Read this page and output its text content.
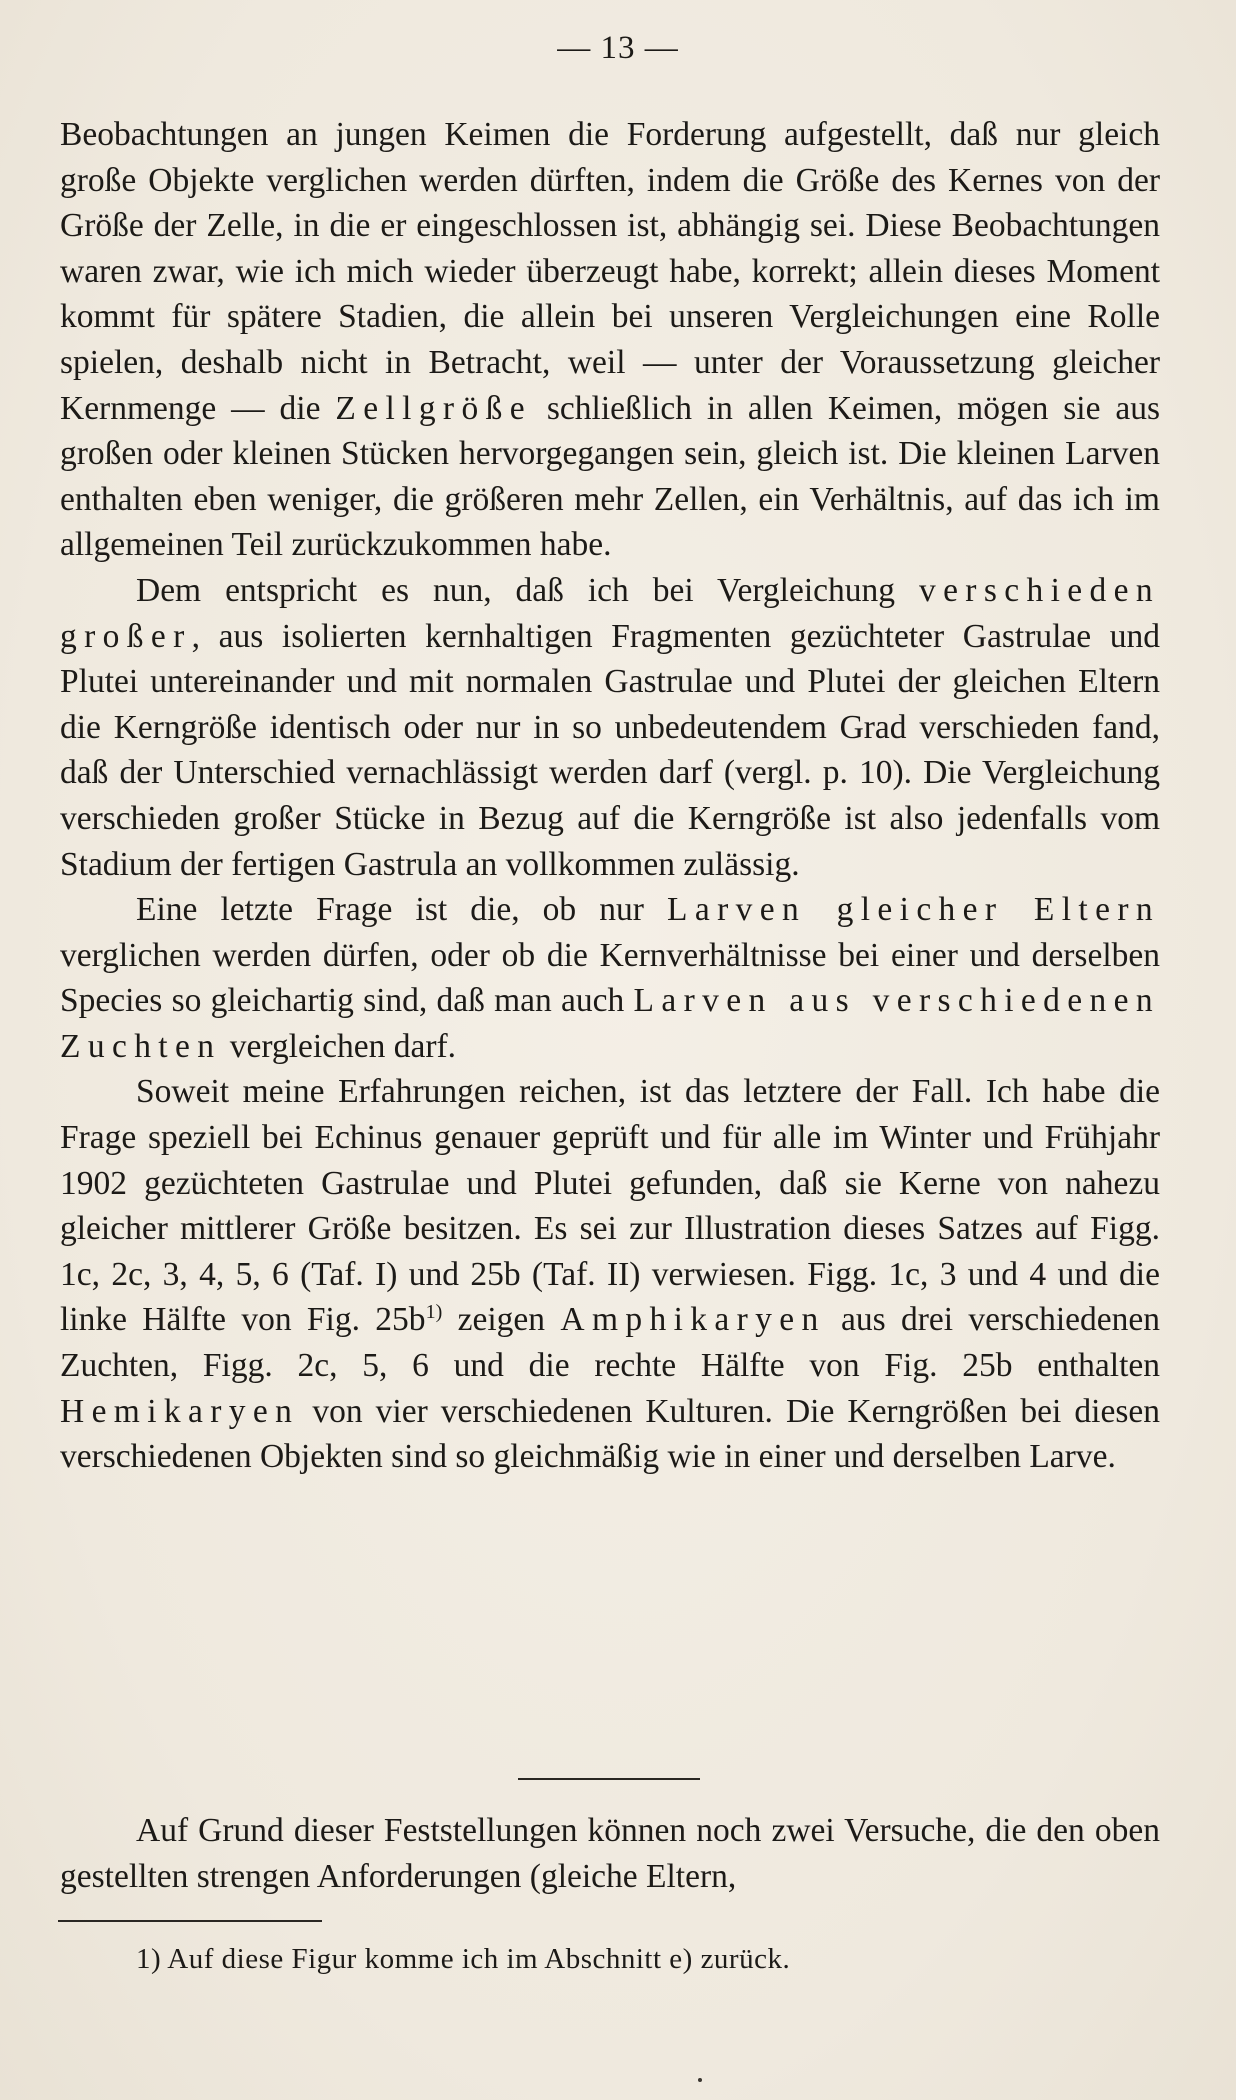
— 13 —

Beobachtungen an jungen Keimen die Forderung aufgestellt, daß nur gleich große Objekte verglichen werden dürften, indem die Größe des Kernes von der Größe der Zelle, in die er eingeschlossen ist, abhängig sei. Diese Beobachtungen waren zwar, wie ich mich wieder überzeugt habe, korrekt; allein dieses Moment kommt für spätere Stadien, die allein bei unseren Vergleichungen eine Rolle spielen, deshalb nicht in Betracht, weil — unter der Voraussetzung gleicher Kernmenge — die Zellgröße schließlich in allen Keimen, mögen sie aus großen oder kleinen Stücken hervorgegangen sein, gleich ist. Die kleinen Larven enthalten eben weniger, die größeren mehr Zellen, ein Verhältnis, auf das ich im allgemeinen Teil zurückzukommen habe.

Dem entspricht es nun, daß ich bei Vergleichung verschieden großer, aus isolierten kernhaltigen Fragmenten gezüchteter Gastrulae und Plutei untereinander und mit normalen Gastrulae und Plutei der gleichen Eltern die Kerngröße identisch oder nur in so unbedeutendem Grad verschieden fand, daß der Unterschied vernachlässigt werden darf (vergl. p. 10). Die Vergleichung verschieden großer Stücke in Bezug auf die Kerngröße ist also jedenfalls vom Stadium der fertigen Gastrula an vollkommen zulässig.

Eine letzte Frage ist die, ob nur Larven gleicher Eltern verglichen werden dürfen, oder ob die Kernverhältnisse bei einer und derselben Species so gleichartig sind, daß man auch Larven aus verschiedenen Zuchten vergleichen darf.

Soweit meine Erfahrungen reichen, ist das letztere der Fall. Ich habe die Frage speziell bei Echinus genauer geprüft und für alle im Winter und Frühjahr 1902 gezüchteten Gastrulae und Plutei gefunden, daß sie Kerne von nahezu gleicher mittlerer Größe besitzen. Es sei zur Illustration dieses Satzes auf Figg. 1c, 2c, 3, 4, 5, 6 (Taf. I) und 25b (Taf. II) verwiesen. Figg. 1c, 3 und 4 und die linke Hälfte von Fig. $25b^{1)}$ zeigen Amphikaryen aus drei verschiedenen Zuchten, Figg. 2c, 5, 6 und die rechte Hälfte von Fig. 25b enthalten Hemikaryen von vier verschiedenen Kulturen. Die Kerngrößen bei diesen verschiedenen Objekten sind so gleichmäßig wie in einer und derselben Larve.

Auf Grund dieser Feststellungen können noch zwei Versuche, die den oben gestellten strengen Anforderungen (gleiche Eltern,

1) Auf diese Figur komme ich im Abschnitt e) zurück.
